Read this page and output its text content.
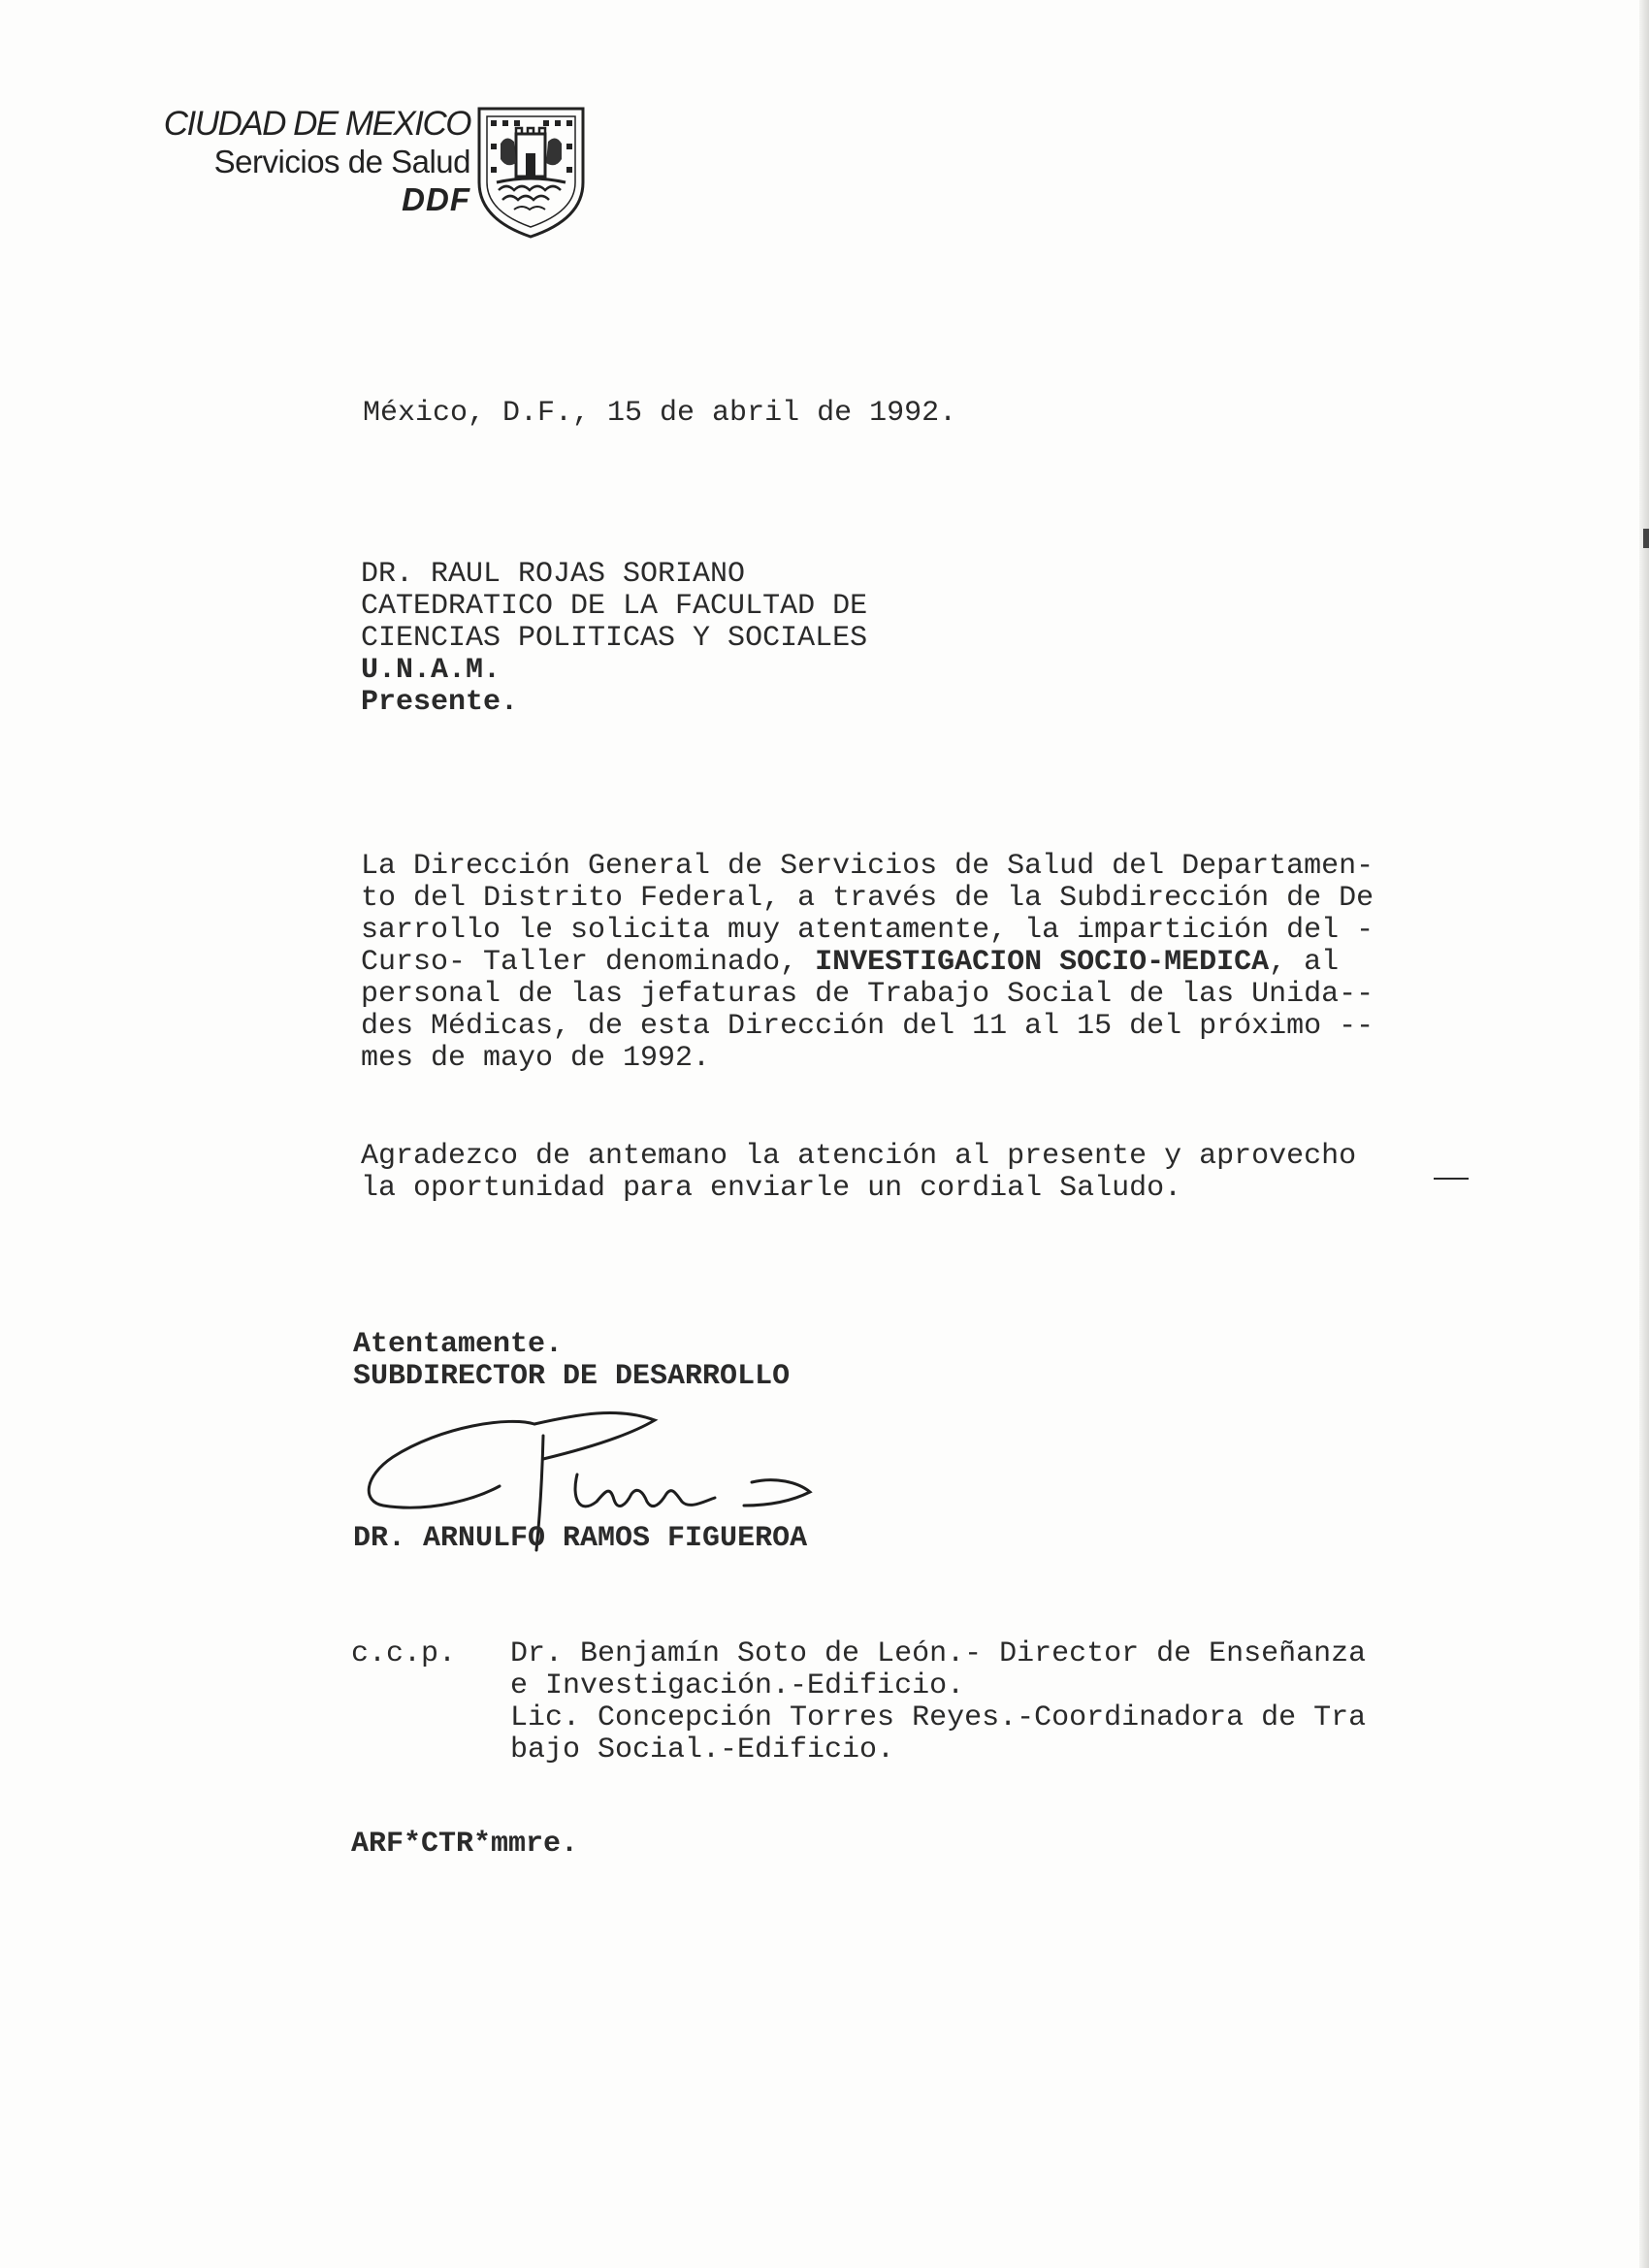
CIUDAD DE MEXICO
Servicios de Salud
DDF
México, D.F., 15 de abril de 1992.
DR. RAUL ROJAS SORIANO
CATEDRATICO DE LA FACULTAD DE
CIENCIAS POLITICAS Y SOCIALES
U.N.A.M.
Presente.
La Dirección General de Servicios de Salud del Departamen-
to del Distrito Federal, a través de la Subdirección de De
sarrollo le solicita muy atentamente, la impartición del -
Curso- Taller denominado, INVESTIGACION SOCIO-MEDICA, al
personal de las jefaturas de Trabajo Social de las Unida--
des Médicas, de esta Dirección del 11 al 15 del próximo --
mes de mayo de 1992.
Agradezco de antemano la atención al presente y aprovecho
la oportunidad para enviarle un cordial Saludo.
Atentamente.
SUBDIRECTOR DE DESARROLLO
DR. ARNULFO RAMOS FIGUEROA
c.c.p. Dr. Benjamín Soto de León.- Director de Enseñanza
e Investigación.-Edificio.
Lic. Concepción Torres Reyes.-Coordinadora de Tra
bajo Social.-Edificio.
ARF*CTR*mmre.
